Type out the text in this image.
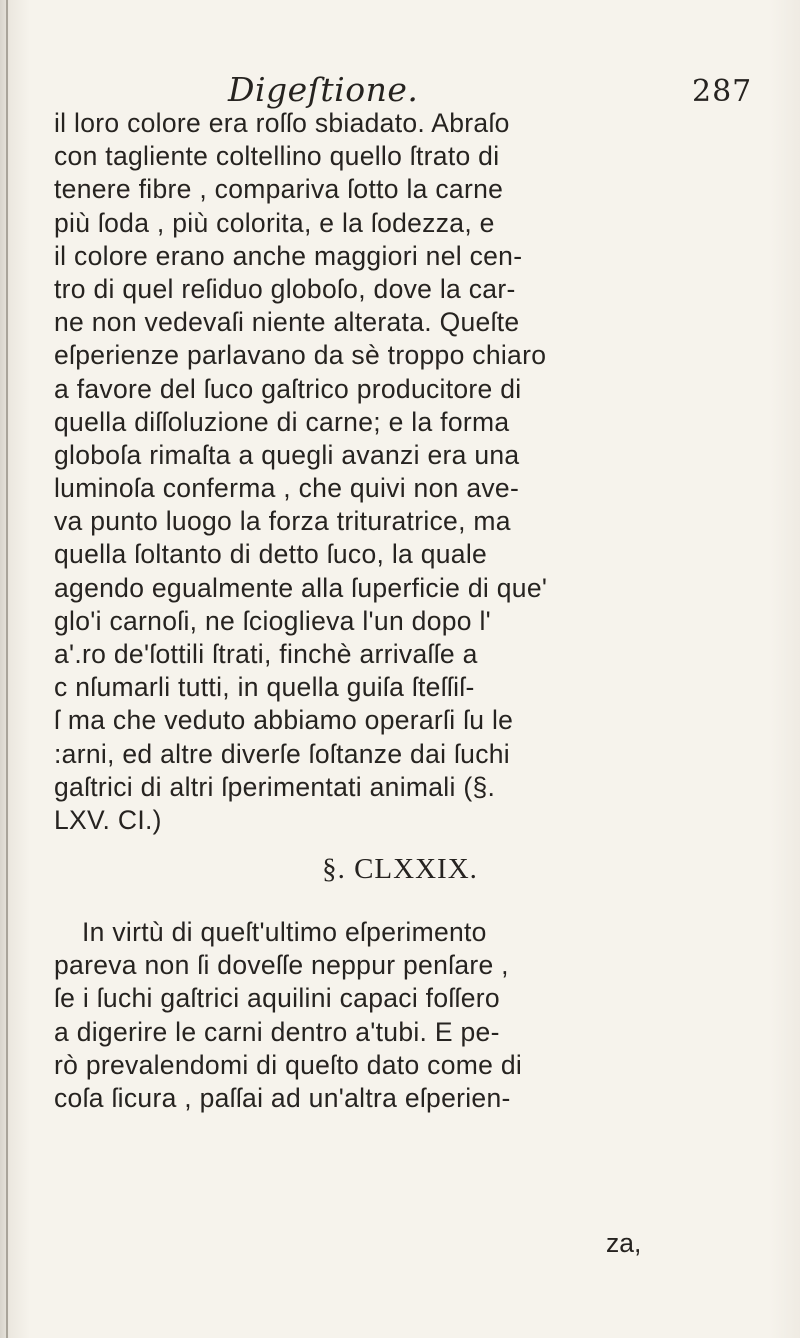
Digeſtione.	287

il loro colore era roſſo sbiadato. Abraſo
con tagliente coltellino quello ſtrato di
tenere fibre , compariva ſotto la carne
più ſoda , più colorita, e la ſodezza, e
il colore erano anche maggiori nel cen-
tro di quel reſiduo globoſo, dove la car-
ne non vedevaſi niente alterata. Queſte
eſperienze parlavano da sè troppo chiaro
a favore del ſuco gaſtrico producitore di
quella diſſoluzione di carne; e la forma
globoſa rimaſta a quegli avanzi era una
luminoſa conferma , che quivi non ave-
va punto luogo la forza trituratrice, ma
quella ſoltanto di detto ſuco, la quale
agendo egualmente alla ſuperficie di que'
glo'i carnoſi, ne ſcioglieva l'un dopo l'
a'.ro de'ſottili ſtrati, finchè arrivaſſe a
c nſumarli tutti, in quella guiſa ſteſſiſ-
ſ ma che veduto abbiamo operarſi ſu le
:arni, ed altre diverſe ſoſtanze dai ſuchi
gaſtrici di altri ſperimentati animali (§.
LXV. CI.)

§. CLXXIX.

In virtù di queſt'ultimo eſperimento
pareva non ſi doveſſe neppur penſare ,
ſe i ſuchi gaſtrici aquilini capaci foſſero
a digerire le carni dentro a'tubi. E pe-
rò prevalendomi di queſto dato come di
coſa ſicura , paſſai ad un'altra eſperien-

za,
